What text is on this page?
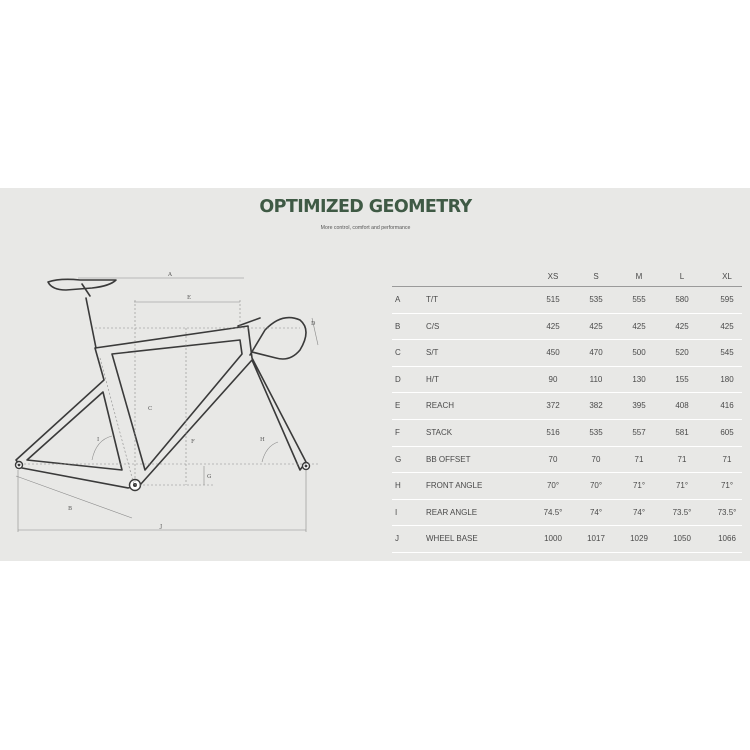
OPTIMIZED GEOMETRY
More control, comfort and performance
A
B
C
D
E
F
G
H
I
J
XS	S	M	L	XL
A	T/T	515	535	555	580	595
B	C/S	425	425	425	425	425
C	S/T	450	470	500	520	545
D	H/T	90	110	130	155	180
E	REACH	372	382	395	408	416
F	STACK	516	535	557	581	605
G	BB OFFSET	70	70	71	71	71
H	FRONT ANGLE	70°	70°	71°	71°	71°
I	REAR ANGLE	74.5°	74°	74°	73.5°	73.5°
J	WHEEL BASE	1000	1017	1029	1050	1066
